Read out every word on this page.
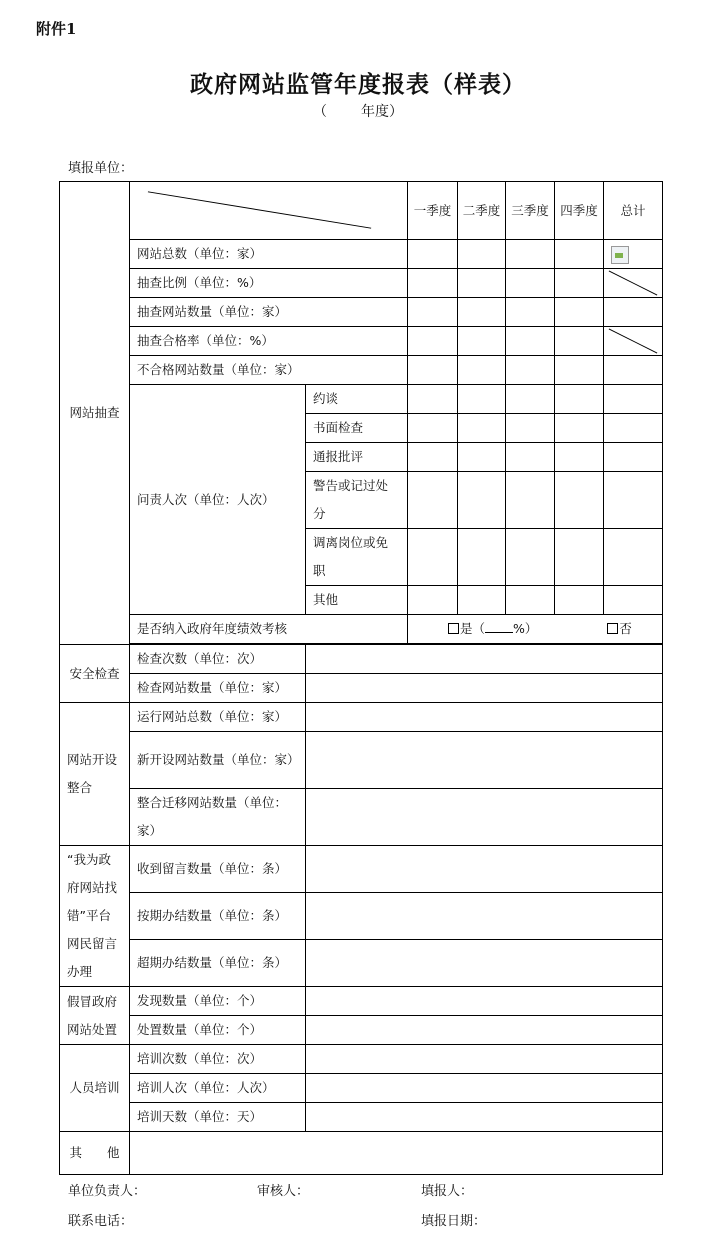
附件1
政府网站监管年度报表（样表）
（ 年度）
填报单位：
网站抽查			一季度	二季度	三季度	四季度	总计
	网站总数（单位：家）						
	抽查比例（单位：%）					

	抽查网站数量（单位：家）						
	抽查合格率（单位：%）					

	不合格网站数量（单位：家）						
	问责人次（单位：人次）	约谈					
		书面检查					
		通报批评					
		警告或记过处分					
		调离岗位或免职					
		其他					
	是否纳入政府年度绩效考核		是（ %） 否				

安全检查	检查次数（单位：次）						
	检查网站数量（单位：家）						
网站开设整合	运行网站总数（单位：家）						
	新开设网站数量（单位：家）						
	整合迁移网站数量（单位：家）						
“我为政府网站找错”平台网民留言办理	收到留言数量（单位：条）						
	按期办结数量（单位：条）						
	超期办结数量（单位：条）						
假冒政府网站处置	发现数量（单位：个）						
	处置数量（单位：个）						
人员培训	培训次数（单位：次）						
	培训人次（单位：人次）						
	培训天数（单位：天）						
其　　他							
单位负责人：	审核人：	填报人：
联系电话：	填报日期：
